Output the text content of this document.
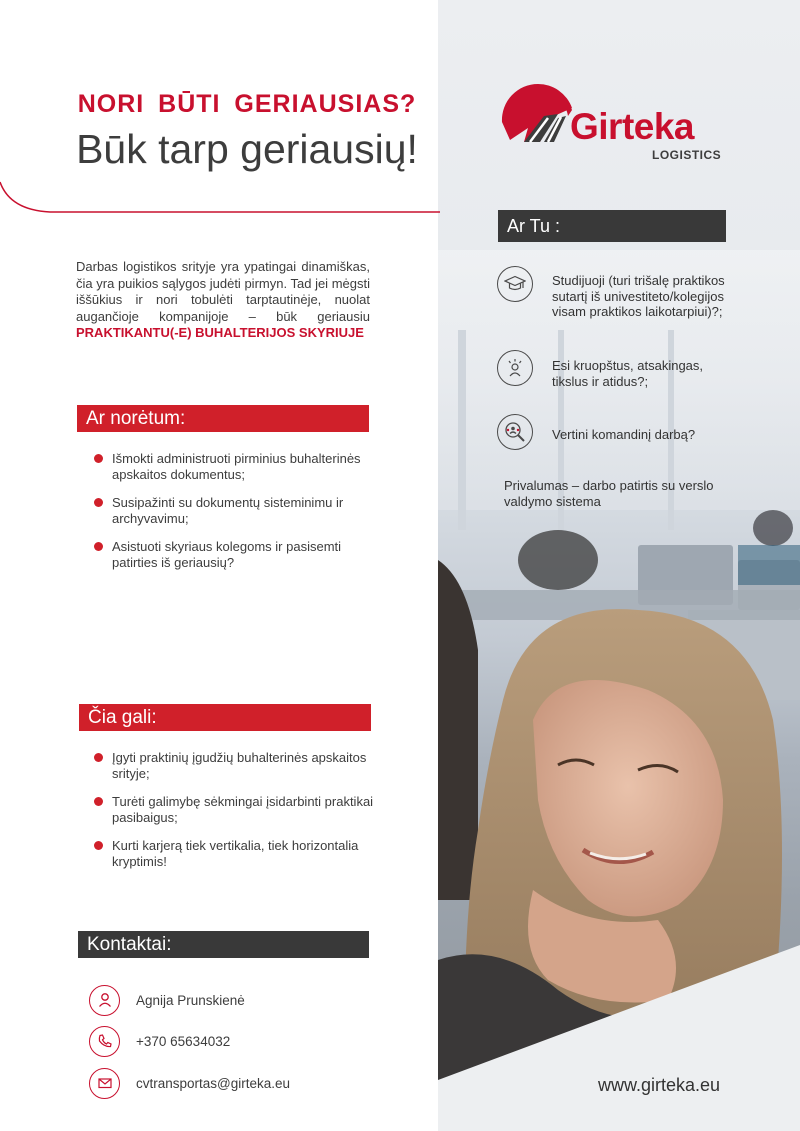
NORI BŪTI GERIAUSIAS?
Būk tarp geriausių!
Darbas logistikos srityje yra ypatingai dinamiškas, čia yra puikios sąlygos judėti pirmyn. Tad jei mėgsti iššūkius ir nori tobulėti tarptautinėje, nuolat augančioje kompanijoje – būk geriausiu PRAKTIKANTU(-E) BUHALTERIJOS SKYRIUJE
Ar norėtum:
Išmokti administruoti pirminius buhalterinės apskaitos dokumentus;
Susipažinti su dokumentų sisteminimu ir archyvavimu;
Asistuoti skyriaus kolegoms ir pasisemti patirties iš geriausių?
Čia gali:
Įgyti praktinių įgudžių buhalterinės apskaitos srityje;
Turėti galimybę sėkmingai įsidarbinti praktikai pasibaigus;
Kurti karjerą tiek vertikalia, tiek horizontalia kryptimis!
Kontaktai:
Agnija Prunskienė
+370 65634032
cvtransportas@girteka.eu
Girteka
LOGISTICS
Ar Tu :
Studijuoji (turi trišalę praktikos sutartį iš univestiteto/kolegijos visam praktikos laikotarpiui)?;
Esi kruopštus, atsakingas, tikslus ir atidus?;
Vertini komandinį darbą?
Privalumas – darbo patirtis su verslo valdymo sistema
www.girteka.eu
